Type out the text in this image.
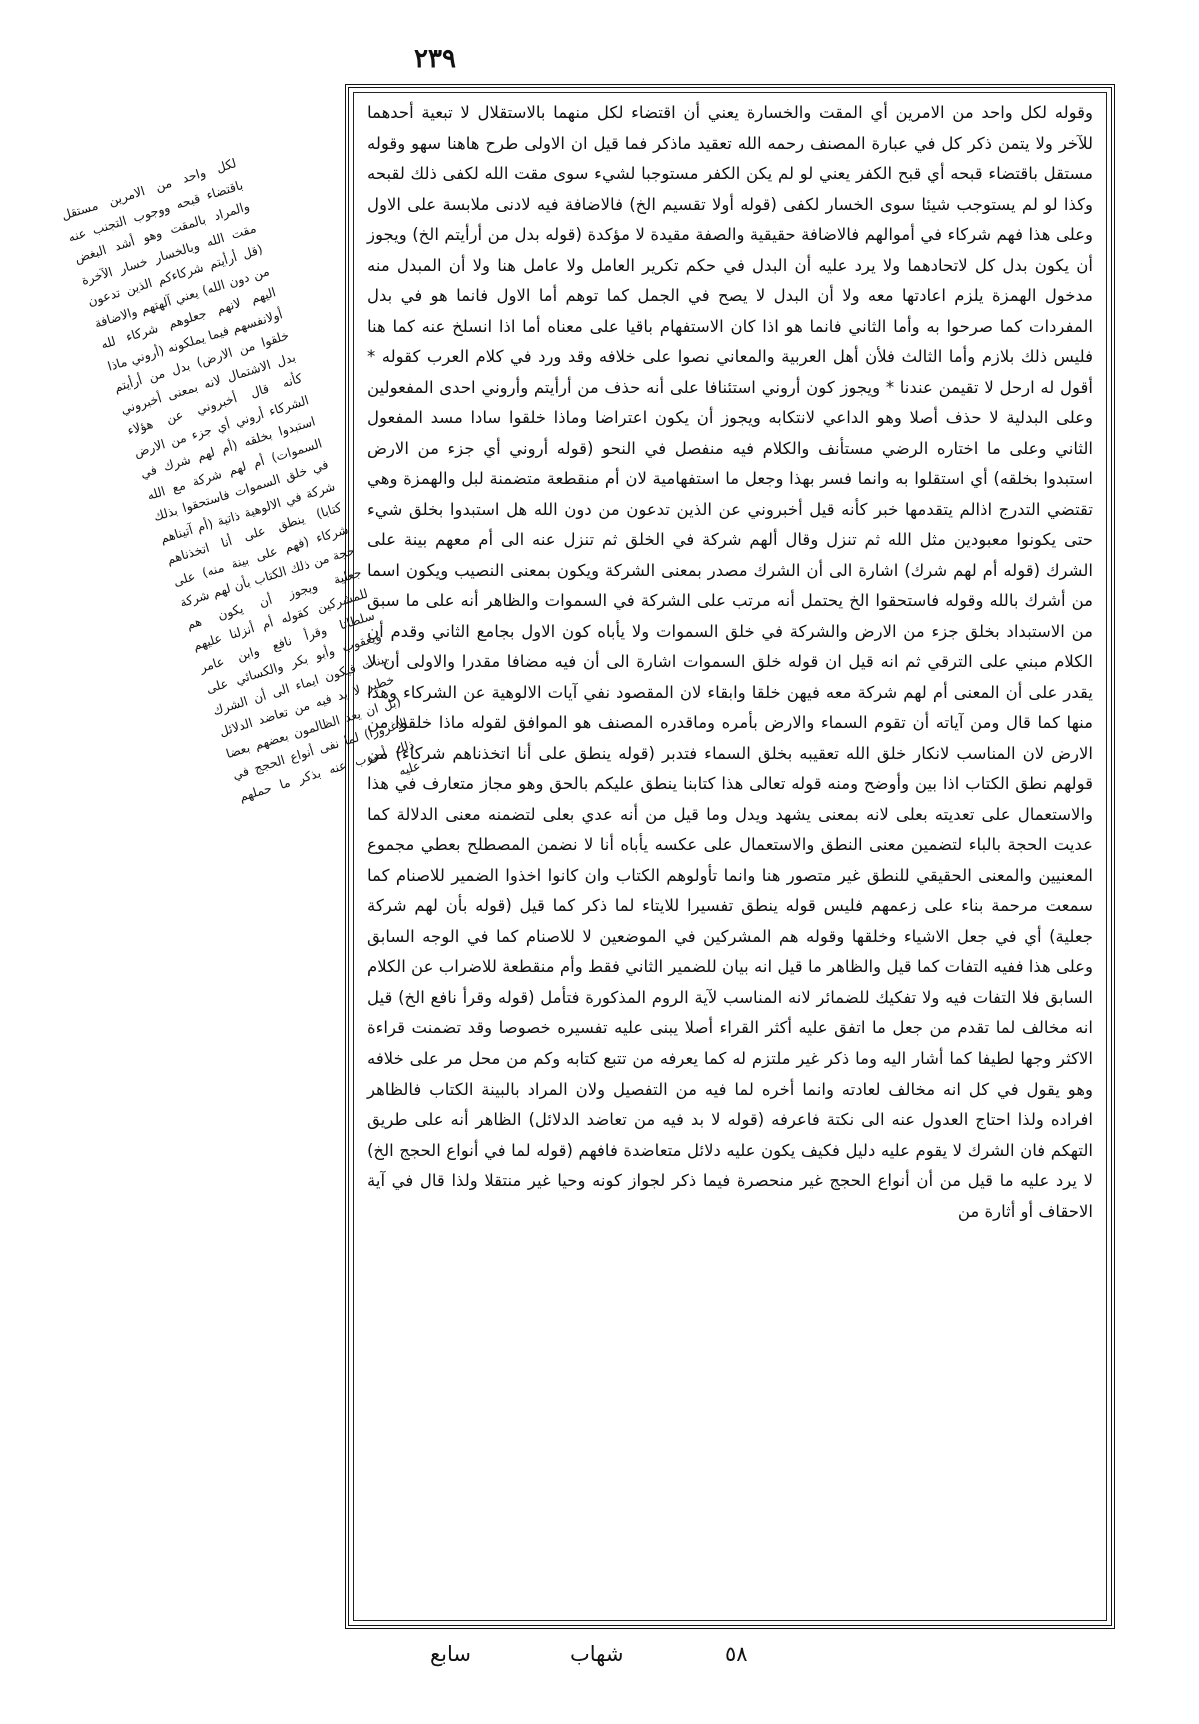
٢٣٩

لكل واحد من الامرين مستقل باقتضاء قبحه ووجوب التجنب عنه والمراد بالمقت وهو أشد البغض مقت الله وبالخسار خسار الآخرة (قل أرأيتم شركاءكم الذين تدعون من دون الله) يعني آلهتهم والاضافة اليهم لانهم جعلوهم شركاء لله أولانفسهم فيما يملكونه (أروني ماذا خلقوا من الارض) بدل من أرأيتم بدل الاشتمال لانه بمعنى أخبروني كأنه قال أخبروني عن هؤلاء الشركاء أروني أي جزء من الارض استبدوا بخلقه (أم لهم شرك في السموات) أم لهم شركة مع الله في خلق السموات فاستحقوا بذلك شركة في الالوهية ذاتية (أم آتيناهم كتابا) ينطق على أنا اتخذناهم شركاء (فهم على بينة منه) على حجة من ذلك الكتاب بأن لهم شركة جعلية ويجوز أن يكون هم للمشركين كقوله أم أنزلنا عليهم سلطانا وقرأ نافع وابن عامر ويعقوب وأبو بكر والكسائي على بينات فيكون ايماء الى أن الشرك خطير لا بد فيه من تعاضد الدلائل (بل ان يعد الظالمون بعضهم بعضا الاغرورا) لما نفى أنواع الحجج في ذلك أضرب عنه بذكر ما حملهم عليه

وقوله لكل واحد من الامرين أي المقت والخسارة يعني أن اقتضاء لكل منهما بالاستقلال لا تبعية أحدهما للآخر ولا يتمن ذكر كل في عبارة المصنف رحمه الله تعقيد ماذكر فما قيل ان الاولى طرح هاهنا سهو وقوله مستقل باقتضاء قبحه أي قبح الكفر يعني لو لم يكن الكفر مستوجبا لشيء سوى مقت الله لكفى ذلك لقبحه وكذا لو لم يستوجب شيئا سوى الخسار لكفى (قوله أولا تقسيم الخ) فالاضافة فيه لادنى ملابسة على الاول وعلى هذا فهم شركاء في أموالهم فالاضافة حقيقية والصفة مقيدة لا مؤكدة (قوله بدل من أرأيتم الخ) ويجوز أن يكون بدل كل لاتحادهما ولا يرد عليه أن البدل في حكم تكرير العامل ولا عامل هنا ولا أن المبدل منه مدخول الهمزة يلزم اعادتها معه ولا أن البدل لا يصح في الجمل كما توهم أما الاول فانما هو في بدل المفردات كما صرحوا به وأما الثاني فانما هو اذا كان الاستفهام باقيا على معناه أما اذا انسلخ عنه كما هنا فليس ذلك بلازم وأما الثالث فلأن أهل العربية والمعاني نصوا على خلافه وقد ورد في كلام العرب كقوله * أقول له ارحل لا تقيمن عندنا * ويجوز كون أروني استئنافا على أنه حذف من أرأيتم وأروني احدى المفعولين وعلى البدلية لا حذف أصلا وهو الداعي لانتكابه ويجوز أن يكون اعتراضا وماذا خلقوا سادا مسد المفعول الثاني وعلى ما اختاره الرضي مستأنف والكلام فيه منفصل في النحو (قوله أروني أي جزء من الارض استبدوا بخلقه) أي استقلوا به وانما فسر بهذا وجعل ما استفهامية لان أم منقطعة متضمنة لبل والهمزة وهي تقتضي التدرج اذالم يتقدمها خبر كأنه قيل أخبروني عن الذين تدعون من دون الله هل استبدوا بخلق شيء حتى يكونوا معبودين مثل الله ثم تنزل وقال ألهم شركة في الخلق ثم تنزل عنه الى أم معهم بينة على الشرك (قوله أم لهم شرك) اشارة الى أن الشرك مصدر بمعنى الشركة ويكون بمعنى النصيب ويكون اسما من أشرك بالله وقوله فاستحقوا الخ يحتمل أنه مرتب على الشركة في السموات والظاهر أنه على ما سبق من الاستبداد بخلق جزء من الارض والشركة في خلق السموات ولا يأباه كون الاول بجامع الثاني وقدم أن الكلام مبني على الترقي ثم انه قيل ان قوله خلق السموات اشارة الى أن فيه مضافا مقدرا والاولى أن لا يقدر على أن المعنى أم لهم شركة معه فيهن خلقا وابقاء لان المقصود نفي آيات الالوهية عن الشركاء وهذا منها كما قال ومن آياته أن تقوم السماء والارض بأمره وماقدره المصنف هو الموافق لقوله ماذا خلقوا من الارض لان المناسب لانكار خلق الله تعقيبه بخلق السماء فتدبر (قوله ينطق على أنا اتخذناهم شركاء) من قولهم نطق الكتاب اذا بين وأوضح ومنه قوله تعالى هذا كتابنا ينطق عليكم بالحق وهو مجاز متعارف في هذا والاستعمال على تعديته بعلى لانه بمعنى يشهد ويدل وما قيل من أنه عدي بعلى لتضمنه معنى الدلالة كما عديت الحجة بالباء لتضمين معنى النطق والاستعمال على عكسه يأباه أنا لا نضمن المصطلح بعطي مجموع المعنيين والمعنى الحقيقي للنطق غير متصور هنا وانما تأولوهم الكتاب وان كانوا اخذوا الضمير للاصنام كما سمعت مرحمة بناء على زعمهم فليس قوله ينطق تفسيرا للايتاء لما ذكر كما قيل (قوله بأن لهم شركة جعلية) أي في جعل الاشياء وخلقها وقوله هم المشركين في الموضعين لا للاصنام كما في الوجه السابق وعلى هذا ففيه التفات كما قيل والظاهر ما قيل انه بيان للضمير الثاني فقط وأم منقطعة للاضراب عن الكلام السابق فلا التفات فيه ولا تفكيك للضمائر لانه المناسب لآية الروم المذكورة فتأمل (قوله وقرأ نافع الخ) قيل انه مخالف لما تقدم من جعل ما اتفق عليه أكثر القراء أصلا يبنى عليه تفسيره خصوصا وقد تضمنت قراءة الاكثر وجها لطيفا كما أشار اليه وما ذكر غير ملتزم له كما يعرفه من تتبع كتابه وكم من محل مر على خلافه وهو يقول في كل انه مخالف لعادته وانما أخره لما فيه من التفصيل ولان المراد بالبينة الكتاب فالظاهر افراده ولذا احتاج العدول عنه الى نكتة فاعرفه (قوله لا بد فيه من تعاضد الدلائل) الظاهر أنه على طريق التهكم فان الشرك لا يقوم عليه دليل فكيف يكون عليه دلائل متعاضدة فافهم (قوله لما في أنواع الحجج الخ) لا يرد عليه ما قيل من أن أنواع الحجج غير منحصرة فيما ذكر لجواز كونه وحيا غير منتقلا ولذا قال في آية الاحقاف أو أثارة من

٥٨
شهاب
سابع
